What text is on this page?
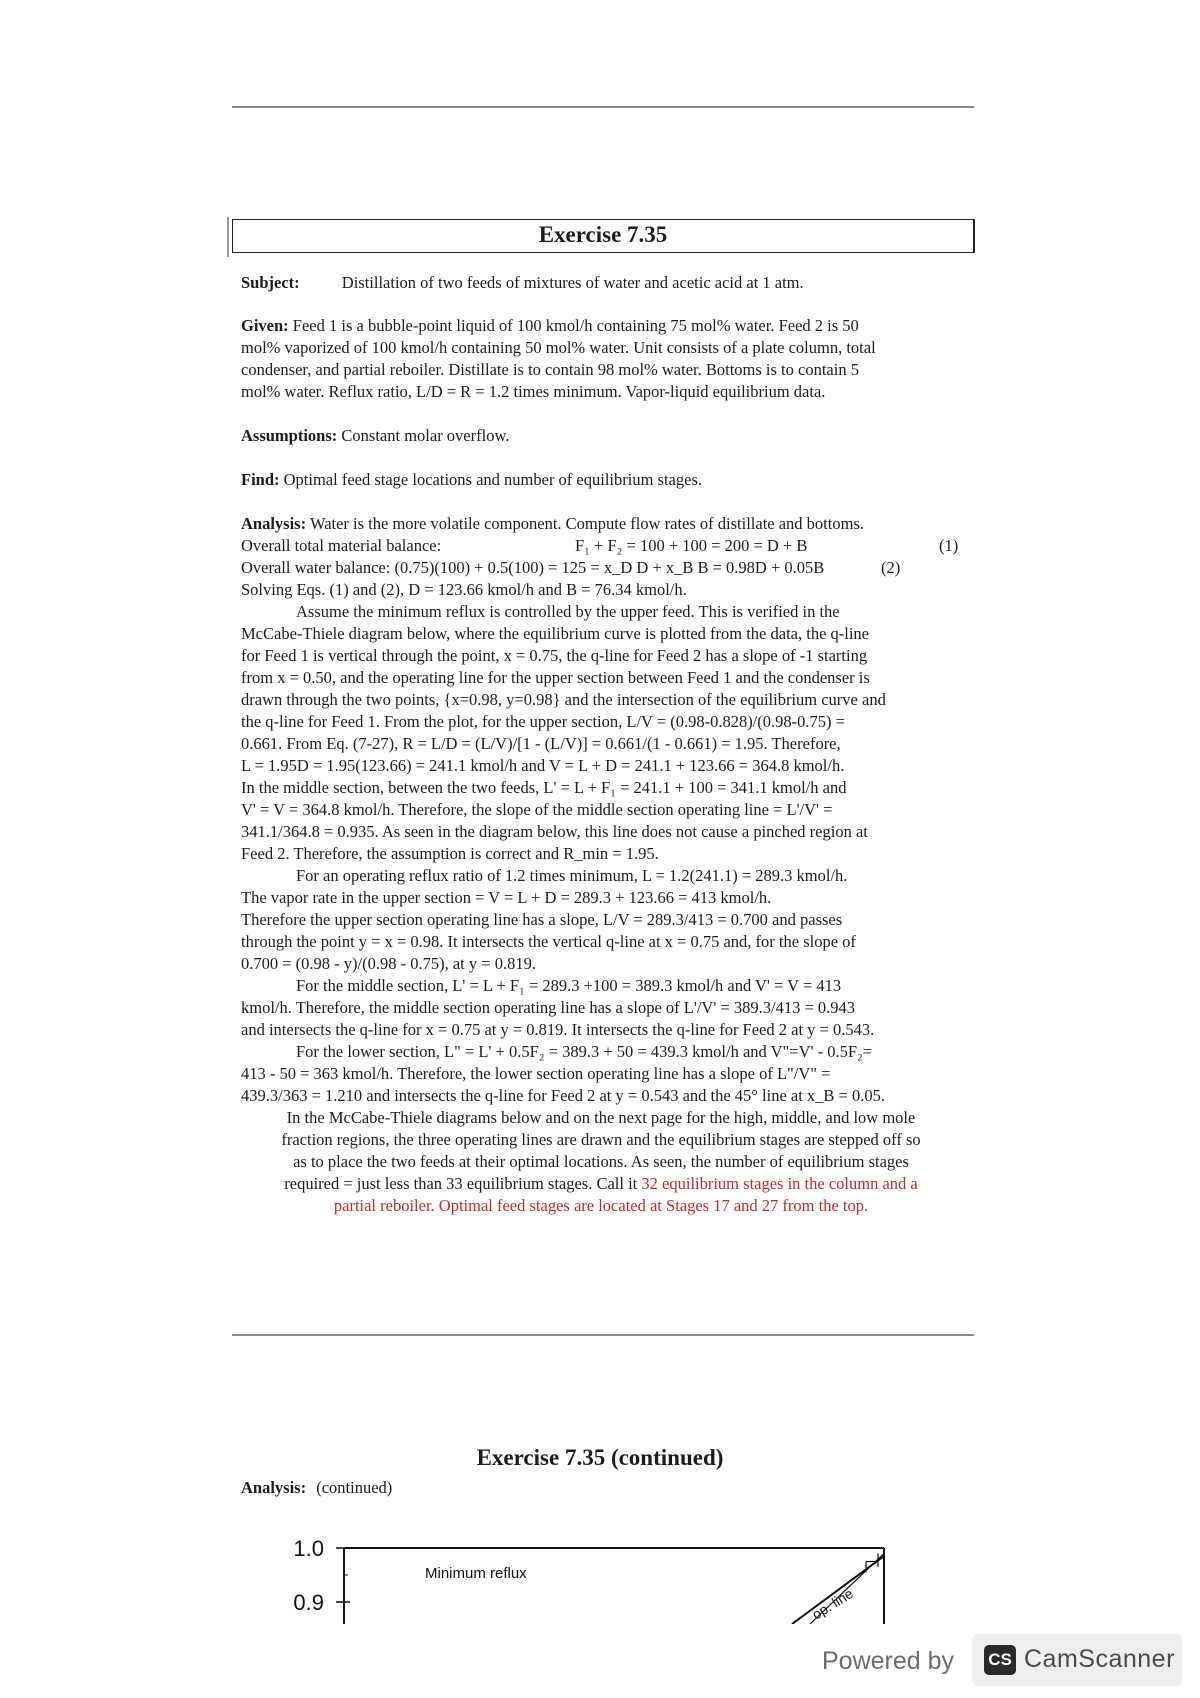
Exercise 7.35
Subject:	Distillation of two feeds of mixtures of water and acetic acid at 1 atm.
Given: Feed 1 is a bubble-point liquid of 100 kmol/h containing 75 mol% water. Feed 2 is 50
mol% vaporized of 100 kmol/h containing 50 mol% water. Unit consists of a plate column, total
condenser, and partial reboiler. Distillate is to contain 98 mol% water. Bottoms is to contain 5
mol% water. Reflux ratio, L/D = R = 1.2 times minimum. Vapor-liquid equilibrium data.
Assumptions: Constant molar overflow.
Find: Optimal feed stage locations and number of equilibrium stages.
Analysis: Water is the more volatile component. Compute flow rates of distillate and bottoms.
Overall total material balance:	F₁ + F₂ = 100 + 100 = 200 = D + B	(1)
Overall water balance: (0.75)(100) + 0.5(100) = 125 = x_D D + x_B B = 0.98D + 0.05B	(2)
Solving Eqs. (1) and (2), D = 123.66 kmol/h and B = 76.34 kmol/h.
Assume the minimum reflux is controlled by the upper feed. This is verified in the
McCabe-Thiele diagram below, where the equilibrium curve is plotted from the data, the q-line
for Feed 1 is vertical through the point, x = 0.75, the q-line for Feed 2 has a slope of -1 starting
from x = 0.50, and the operating line for the upper section between Feed 1 and the condenser is
drawn through the two points, {x=0.98, y=0.98} and the intersection of the equilibrium curve and
the q-line for Feed 1. From the plot, for the upper section, L/V = (0.98-0.828)/(0.98-0.75) =
0.661. From Eq. (7-27), R = L/D = (L/V)/[1 - (L/V)] = 0.661/(1 - 0.661) = 1.95. Therefore,
L = 1.95D = 1.95(123.66) = 241.1 kmol/h and V = L + D = 241.1 + 123.66 = 364.8 kmol/h.
In the middle section, between the two feeds, L' = L + F₁ = 241.1 + 100 = 341.1 kmol/h and
V' = V = 364.8 kmol/h. Therefore, the slope of the middle section operating line = L'/V' =
341.1/364.8 = 0.935. As seen in the diagram below, this line does not cause a pinched region at
Feed 2. Therefore, the assumption is correct and R_min = 1.95.
For an operating reflux ratio of 1.2 times minimum, L = 1.2(241.1) = 289.3 kmol/h.
The vapor rate in the upper section = V = L + D = 289.3 + 123.66 = 413 kmol/h.
Therefore the upper section operating line has a slope, L/V = 289.3/413 = 0.700 and passes
through the point y = x = 0.98. It intersects the vertical q-line at x = 0.75 and, for the slope of
0.700 = (0.98 - y)/(0.98 - 0.75), at y = 0.819.
For the middle section, L' = L + F₁ = 289.3 +100 = 389.3 kmol/h and V' = V = 413
kmol/h. Therefore, the middle section operating line has a slope of L'/V' = 389.3/413 = 0.943
and intersects the q-line for x = 0.75 at y = 0.819. It intersects the q-line for Feed 2 at y = 0.543.
For the lower section, L" = L' + 0.5F₂ = 389.3 + 50 = 439.3 kmol/h and V"=V' - 0.5F₂=
413 - 50 = 363 kmol/h. Therefore, the lower section operating line has a slope of L"/V" =
439.3/363 = 1.210 and intersects the q-line for Feed 2 at y = 0.543 and the 45° line at x_B = 0.05.
In the McCabe-Thiele diagrams below and on the next page for the high, middle, and low mole
fraction regions, the three operating lines are drawn and the equilibrium stages are stepped off so
as to place the two feeds at their optimal locations. As seen, the number of equilibrium stages
required = just less than 33 equilibrium stages. Call it 32 equilibrium stages in the column and a
partial reboiler. Optimal feed stages are located at Stages 17 and 27 from the top.
Exercise 7.35 (continued)
Analysis: (continued)
1.0
0.9
Minimum reflux
op. line
Powered by CS CamScanner
